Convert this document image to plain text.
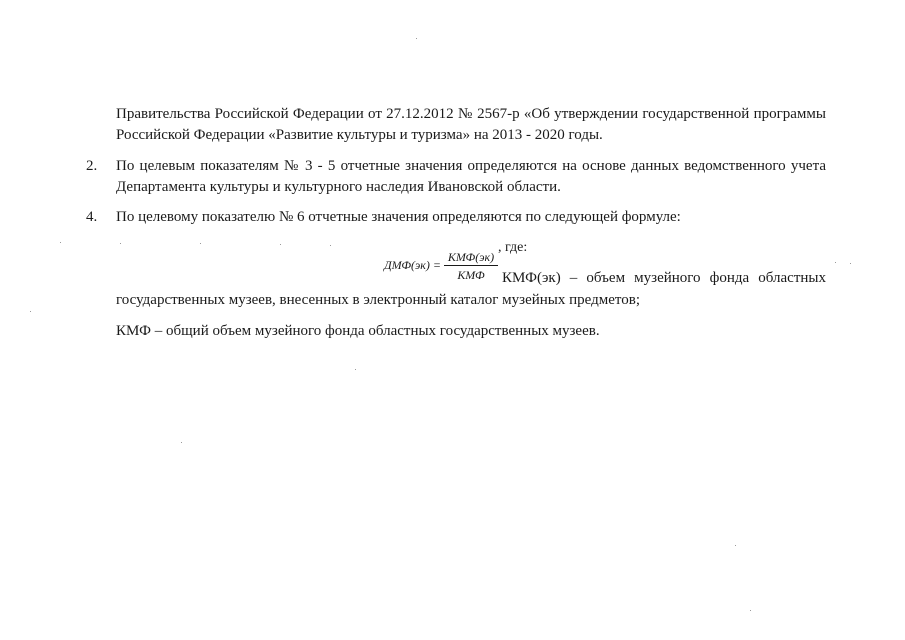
Правительства Российской Федерации от 27.12.2012 № 2567-р «Об утверждении государственной программы
Российской Федерации «Развитие культуры и туризма» на 2013 - 2020 годы.
2. По целевым показателям № 3 - 5 отчетные значения определяются на основе данных ведомственного учета
Департамента культуры и культурного наследия Ивановской области.
4. По целевому показателю № 6 отчетные значения определяются по следующей формуле:
ДМФ(эк) =
КМФ(эк)
КМФ
, где:
КМФ(эк) – объем музейного фонда областных
государственных музеев, внесенных в электронный каталог музейных предметов;
КМФ – общий объем музейного фонда областных государственных музеев.
